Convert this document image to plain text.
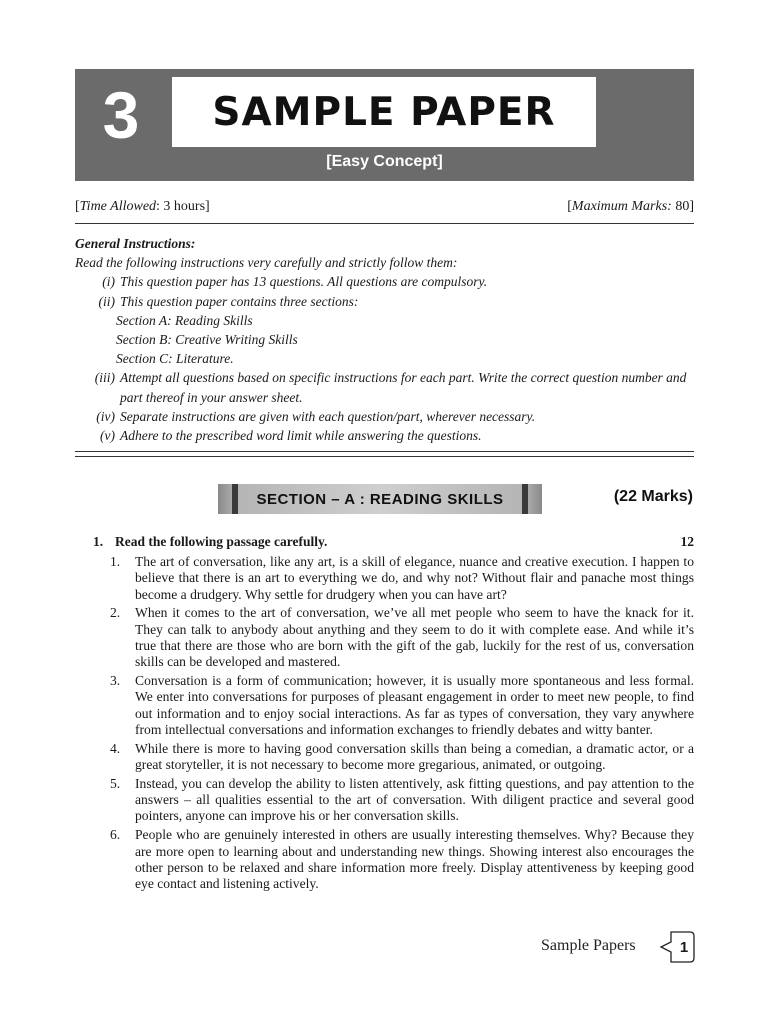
3	SAMPLE PAPER
[Easy Concept]
[Time Allowed: 3 hours]	[Maximum Marks: 80]
General Instructions:
Read the following instructions very carefully and strictly follow them:
(i) This question paper has 13 questions. All questions are compulsory.
(ii) This question paper contains three sections:
Section A: Reading Skills
Section B: Creative Writing Skills
Section C: Literature.
(iii) Attempt all questions based on specific instructions for each part. Write the correct question number and part thereof in your answer sheet.
(iv) Separate instructions are given with each question/part, wherever necessary.
(v) Adhere to the prescribed word limit while answering the questions.
SECTION – A : READING SKILLS	(22 Marks)
1. Read the following passage carefully.	12
1.	The art of conversation, like any art, is a skill of elegance, nuance and creative execution. I happen to believe that there is an art to everything we do, and why not? Without flair and panache most things become a drudgery. Why settle for drudgery when you can have art?
2.	When it comes to the art of conversation, we’ve all met people who seem to have the knack for it. They can talk to anybody about anything and they seem to do it with complete ease. And while it’s true that there are those who are born with the gift of the gab, luckily for the rest of us, conversation skills can be developed and mastered.
3.	Conversation is a form of communication; however, it is usually more spontaneous and less formal. We enter into conversations for purposes of pleasant engagement in order to meet new people, to find out information and to enjoy social interactions. As far as types of conversation, they vary anywhere from intellectual conversations and information exchanges to friendly debates and witty banter.
4.	While there is more to having good conversation skills than being a comedian, a dramatic actor, or a great storyteller, it is not necessary to become more gregarious, animated, or outgoing.
5.	Instead, you can develop the ability to listen attentively, ask fitting questions, and pay attention to the answers – all qualities essential to the art of conversation. With diligent practice and several good pointers, anyone can improve his or her conversation skills.
6.	People who are genuinely interested in others are usually interesting themselves. Why? Because they are more open to learning about and understanding new things. Showing interest also encourages the other person to be relaxed and share information more freely. Display attentiveness by keeping good eye contact and listening actively.
Sample Papers	1
